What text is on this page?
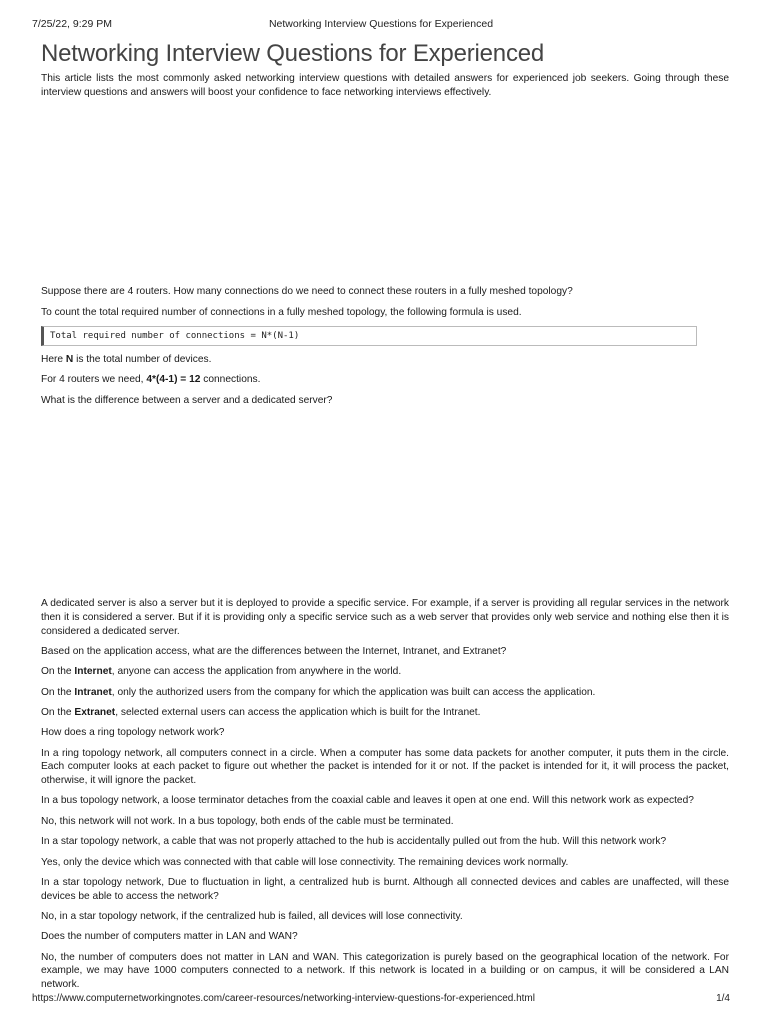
7/25/22, 9:29 PM	Networking Interview Questions for Experienced
Networking Interview Questions for Experienced

This article lists the most commonly asked networking interview questions with detailed answers for experienced job seekers. Going through these interview questions and answers will boost your confidence to face networking interviews effectively.

Suppose there are 4 routers. How many connections do we need to connect these routers in a fully meshed topology?

To count the total required number of connections in a fully meshed topology, the following formula is used.

Total required number of connections = N*(N-1)

Here N is the total number of devices.

For 4 routers we need, 4*(4-1) = 12 connections.

What is the difference between a server and a dedicated server?

A dedicated server is also a server but it is deployed to provide a specific service. For example, if a server is providing all regular services in the network then it is considered a server. But if it is providing only a specific service such as a web server that provides only web service and nothing else then it is considered a dedicated server.

Based on the application access, what are the differences between the Internet, Intranet, and Extranet?

On the Internet, anyone can access the application from anywhere in the world.

On the Intranet, only the authorized users from the company for which the application was built can access the application.

On the Extranet, selected external users can access the application which is built for the Intranet.

How does a ring topology network work?

In a ring topology network, all computers connect in a circle. When a computer has some data packets for another computer, it puts them in the circle. Each computer looks at each packet to figure out whether the packet is intended for it or not. If the packet is intended for it, it will process the packet, otherwise, it will ignore the packet.

In a bus topology network, a loose terminator detaches from the coaxial cable and leaves it open at one end. Will this network work as expected?

No, this network will not work. In a bus topology, both ends of the cable must be terminated.

In a star topology network, a cable that was not properly attached to the hub is accidentally pulled out from the hub. Will this network work?

Yes, only the device which was connected with that cable will lose connectivity. The remaining devices work normally.

In a star topology network, Due to fluctuation in light, a centralized hub is burnt. Although all connected devices and cables are unaffected, will these devices be able to access the network?

No, in a star topology network, if the centralized hub is failed, all devices will lose connectivity.

Does the number of computers matter in LAN and WAN?

No, the number of computers does not matter in LAN and WAN. This categorization is purely based on the geographical location of the network. For example, we may have 1000 computers connected to a network. If this network is located in a building or on campus, it will be considered a LAN network.

https://www.computernetworkingnotes.com/career-resources/networking-interview-questions-for-experienced.html	1/4
